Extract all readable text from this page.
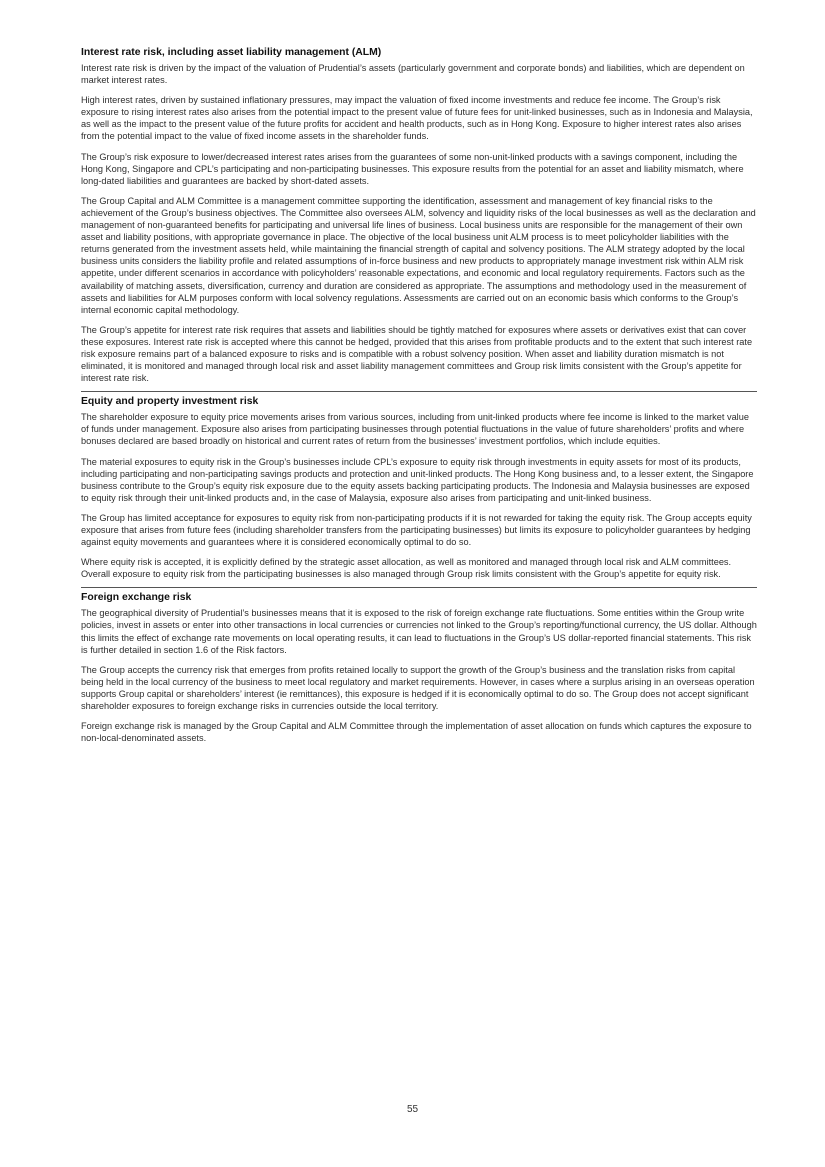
Interest rate risk, including asset liability management (ALM)

Interest rate risk is driven by the impact of the valuation of Prudential’s assets (particularly government and corporate bonds) and liabilities, which are dependent on market interest rates.

High interest rates, driven by sustained inflationary pressures, may impact the valuation of fixed income investments and reduce fee income. The Group’s risk exposure to rising interest rates also arises from the potential impact to the present value of future fees for unit-linked businesses, such as in Indonesia and Malaysia, as well as the impact to the present value of the future profits for accident and health products, such as in Hong Kong. Exposure to higher interest rates also arises from the potential impact to the value of fixed income assets in the shareholder funds.

The Group’s risk exposure to lower/decreased interest rates arises from the guarantees of some non-unit-linked products with a savings component, including the Hong Kong, Singapore and CPL’s participating and non-participating businesses. This exposure results from the potential for an asset and liability mismatch, where long-dated liabilities and guarantees are backed by short-dated assets.

The Group Capital and ALM Committee is a management committee supporting the identification, assessment and management of key financial risks to the achievement of the Group’s business objectives. The Committee also oversees ALM, solvency and liquidity risks of the local businesses as well as the declaration and management of non-guaranteed benefits for participating and universal life lines of business. Local business units are responsible for the management of their own asset and liability positions, with appropriate governance in place. The objective of the local business unit ALM process is to meet policyholder liabilities with the returns generated from the investment assets held, while maintaining the financial strength of capital and solvency positions. The ALM strategy adopted by the local business units considers the liability profile and related assumptions of in-force business and new products to appropriately manage investment risk within ALM risk appetite, under different scenarios in accordance with policyholders’ reasonable expectations, and economic and local regulatory requirements. Factors such as the availability of matching assets, diversification, currency and duration are considered as appropriate. The assumptions and methodology used in the measurement of assets and liabilities for ALM purposes conform with local solvency regulations. Assessments are carried out on an economic basis which conforms to the Group’s internal economic capital methodology.

The Group’s appetite for interest rate risk requires that assets and liabilities should be tightly matched for exposures where assets or derivatives exist that can cover these exposures. Interest rate risk is accepted where this cannot be hedged, provided that this arises from profitable products and to the extent that such interest rate risk exposure remains part of a balanced exposure to risks and is compatible with a robust solvency position. When asset and liability duration mismatch is not eliminated, it is monitored and managed through local risk and asset liability management committees and Group risk limits consistent with the Group’s appetite for interest rate risk.

Equity and property investment risk

The shareholder exposure to equity price movements arises from various sources, including from unit-linked products where fee income is linked to the market value of funds under management. Exposure also arises from participating businesses through potential fluctuations in the value of future shareholders’ profits and where bonuses declared are based broadly on historical and current rates of return from the businesses’ investment portfolios, which include equities.

The material exposures to equity risk in the Group’s businesses include CPL’s exposure to equity risk through investments in equity assets for most of its products, including participating and non-participating savings products and protection and unit-linked products. The Hong Kong business and, to a lesser extent, the Singapore business contribute to the Group’s equity risk exposure due to the equity assets backing participating products. The Indonesia and Malaysia businesses are exposed to equity risk through their unit-linked products and, in the case of Malaysia, exposure also arises from participating and unit-linked business.

The Group has limited acceptance for exposures to equity risk from non-participating products if it is not rewarded for taking the equity risk. The Group accepts equity exposure that arises from future fees (including shareholder transfers from the participating businesses) but limits its exposure to policyholder guarantees by hedging against equity movements and guarantees where it is considered economically optimal to do so.

Where equity risk is accepted, it is explicitly defined by the strategic asset allocation, as well as monitored and managed through local risk and ALM committees. Overall exposure to equity risk from the participating businesses is also managed through Group risk limits consistent with the Group’s appetite for equity risk.

Foreign exchange risk

The geographical diversity of Prudential’s businesses means that it is exposed to the risk of foreign exchange rate fluctuations. Some entities within the Group write policies, invest in assets or enter into other transactions in local currencies or currencies not linked to the Group’s reporting/functional currency, the US dollar. Although this limits the effect of exchange rate movements on local operating results, it can lead to fluctuations in the Group’s US dollar-reported financial statements. This risk is further detailed in section 1.6 of the Risk factors.

The Group accepts the currency risk that emerges from profits retained locally to support the growth of the Group’s business and the translation risks from capital being held in the local currency of the business to meet local regulatory and market requirements. However, in cases where a surplus arising in an overseas operation supports Group capital or shareholders’ interest (ie remittances), this exposure is hedged if it is economically optimal to do so. The Group does not accept significant shareholder exposures to foreign exchange risks in currencies outside the local territory.

Foreign exchange risk is managed by the Group Capital and ALM Committee through the implementation of asset allocation on funds which captures the exposure to non-local-denominated assets.

55
